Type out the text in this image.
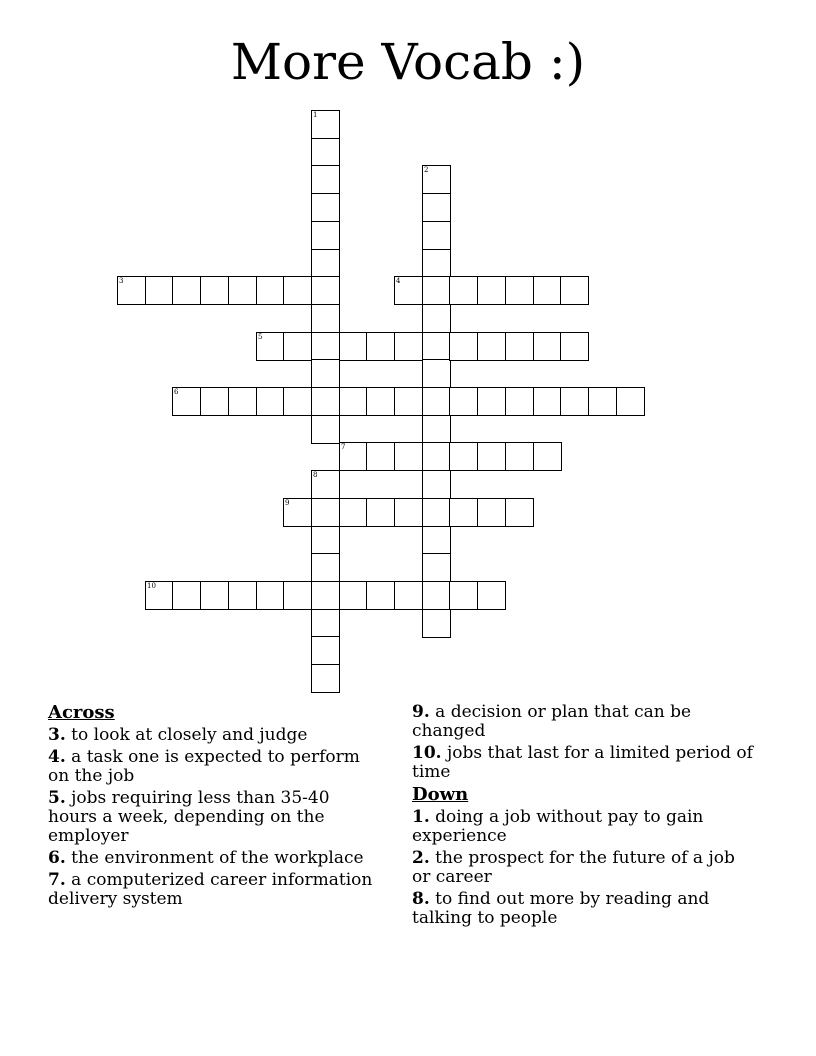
More Vocab :)
1
2
3	4
5
6
7
8
9
10
Across
3. to look at closely and judge
4. a task one is expected to perform on the job
5. jobs requiring less than 35-40 hours a week, depending on the employer
6. the environment of the workplace
7. a computerized career information delivery system
9. a decision or plan that can be changed
10. jobs that last for a limited period of time
Down
1. doing a job without pay to gain experience
2. the prospect for the future of a job or career
8. to find out more by reading and talking to people
